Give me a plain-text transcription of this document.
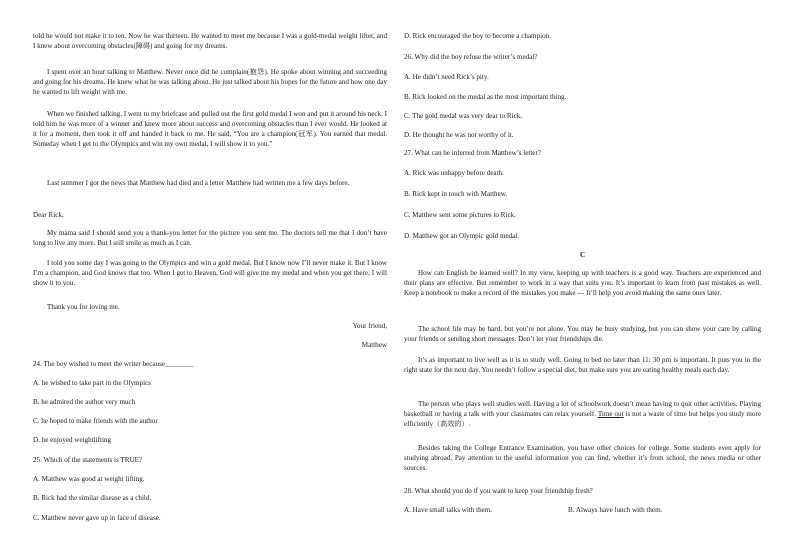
told he would not make it to ten. Now he was thirteen. He wanted to meet me because I was a gold-medal weight lifter, and I knew about overcoming obstacles(障碍) and going for my dreams.

I spent over an hour talking to Matthew. Never once did he complain(抱怨). He spoke about winning and succeeding and going for his dreams. He knew what he was talking about. He just talked about his hopes for the future and how one day he wanted to lift weight with me.

When we finished talking, I went to my briefcase and pulled out the first gold medal I won and put it around his neck. I told him he was more of a winner and knew more about success and overcoming obstacles than I ever would. He looked at it for a moment, then took it off and handed it back to me. He said, “You are a champion(冠军). You earned that medal. Someday when I get to the Olympics and win my own medal, I will show it to you.”

Last summer I got the news that Matthew had died and a letter Matthew had written me a few days before.

Dear Rick,

My mama said I should send you a thank-you letter for the picture you sent me. The doctors tell me that I don’t have long to live any more. But I still smile as much as I can.

I told you some day I was going to the Olympics and win a gold medal. But I know now I’ll never make it. But I know I’m a champion, and God knows that too. When I get to Heaven, God will give me my medal and when you get there, I will show it to you.

Thank you for loving me.

Your friend,

Matthew

24. The boy wished to meet the writer because________

A. he wished to take part in the Olympics

B. he admired the author very much

C. he hoped to make friends with the author

D. he enjoyed weightlifting

25. Which of the statements is TRUE?

A. Matthew was good at weight lifting.

B. Rick had the similar disease as a child.

C. Matthew never gave up in face of disease.

D. Rick encouraged the boy to become a champion.

26. Why did the boy refuse the writer’s medal?

A. He didn’t need Rick’s pity.

B. Rick looked on the medal as the most important thing.

C. The gold medal was very dear to Rick.

D. He thought he was not worthy of it.

27. What can be inferred from Matthew’s letter?

A. Rick was unhappy before death.

B. Rick kept in touch with Matthew.

C. Matthew sent some pictures to Rick.

D. Matthew got an Olympic gold medal.

C

How can English be learned well? In my view, keeping up with teachers is a good way. Teachers are experienced and their plans are effective. But remember to work in a way that suits you. It’s important to learn from past mistakes as well. Keep a notebook to make a record of the mistakes you make --- It’ll help you avoid making the same ones later.

The school life may be hard, but you’re not alone. You may be busy studying, but you can show your care by calling your friends or sending short messages. Don’t let your friendships die.

It’s as important to live well as it is to study well. Going to bed no later than 11: 30 pm is important. It puts you in the right state for the next day. You needn’t follow a special diet, but make sure you are eating healthy meals each day.

The person who plays well studies well. Having a lot of schoolwork doesn’t mean having to quit other activities. Playing basketball or having a talk with your classmates can relax yourself. Time out is not a waste of time but helps you study more efficiently（高效的）.

Besides taking the College Entrance Examination, you have other choices for college. Some students even apply for studying abroad. Pay attention to the useful information you can find, whether it’s from school, the news media or other sources.

28. What should you do if you want to keep your friendship fresh?

A. Have small talks with them.	B. Always have lunch with them.
